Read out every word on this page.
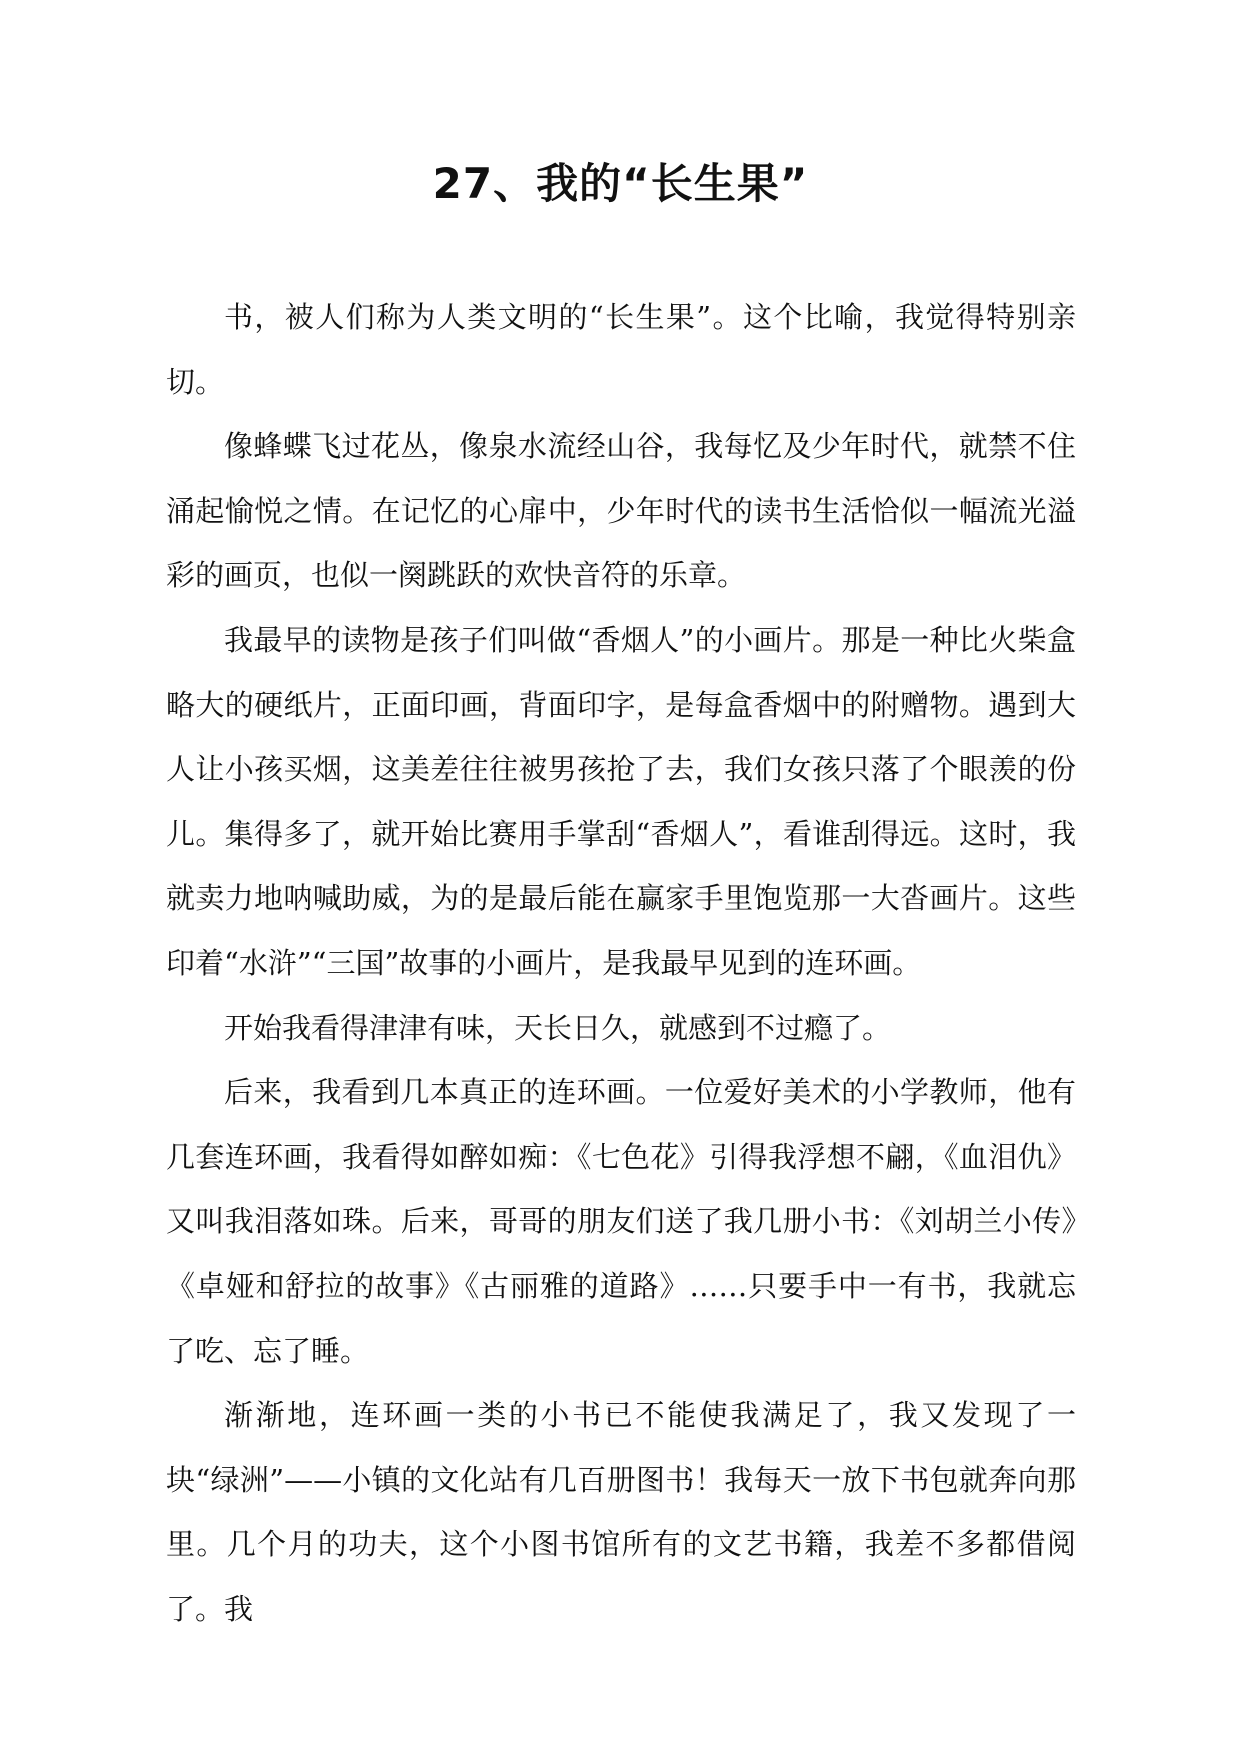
27、我的“长生果”

书，被人们称为人类文明的“长生果”。这个比喻，我觉得特别亲切。

像蜂蝶飞过花丛，像泉水流经山谷，我每忆及少年时代，就禁不住涌起愉悦之情。在记忆的心扉中，少年时代的读书生活恰似一幅流光溢彩的画页，也似一阕跳跃的欢快音符的乐章。

我最早的读物是孩子们叫做“香烟人”的小画片。那是一种比火柴盒略大的硬纸片，正面印画，背面印字，是每盒香烟中的附赠物。遇到大人让小孩买烟，这美差往往被男孩抢了去，我们女孩只落了个眼羡的份儿。集得多了，就开始比赛用手掌刮“香烟人”，看谁刮得远。这时，我就卖力地呐喊助威，为的是最后能在赢家手里饱览那一大沓画片。这些印着“水浒”“三国”故事的小画片，是我最早见到的连环画。

开始我看得津津有味，天长日久，就感到不过瘾了。

后来，我看到几本真正的连环画。一位爱好美术的小学教师，他有几套连环画，我看得如醉如痴：《七色花》引得我浮想不翩，《血泪仇》又叫我泪落如珠。后来，哥哥的朋友们送了我几册小书：《刘胡兰小传》《卓娅和舒拉的故事》《古丽雅的道路》……只要手中一有书，我就忘了吃、忘了睡。

渐渐地，连环画一类的小书已不能使我满足了，我又发现了一块“绿洲”——小镇的文化站有几百册图书！我每天一放下书包就奔向那里。几个月的功夫，这个小图书馆所有的文艺书籍，我差不多都借阅了。我
